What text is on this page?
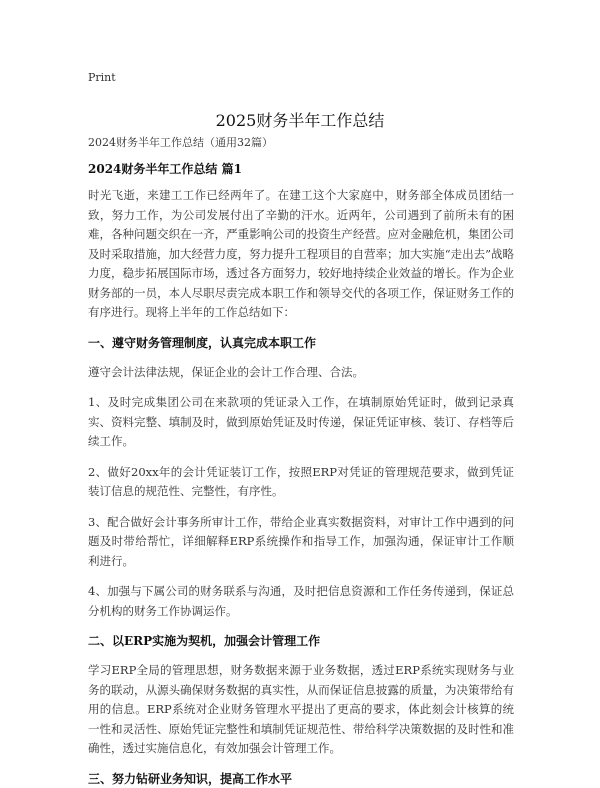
Print
2025财务半年工作总结
2024财务半年工作总结（通用32篇）
2024财务半年工作总结 篇1

时光飞逝，来建工工作已经两年了。在建工这个大家庭中，财务部全体成员团结一致，努力工作，为公司发展付出了辛勤的汗水。近两年，公司遇到了前所未有的困难，各种问题交织在一齐，严重影响公司的投资生产经营。应对金融危机，集团公司及时采取措施，加大经营力度，努力提升工程项目的自营率；加大实施“走出去”战略力度，稳步拓展国际市场，透过各方面努力，较好地持续企业效益的增长。作为企业财务部的一员，本人尽职尽责完成本职工作和领导交代的各项工作，保证财务工作的有序进行。现将上半年的工作总结如下：

一、遵守财务管理制度，认真完成本职工作

遵守会计法律法规，保证企业的会计工作合理、合法。

1、及时完成集团公司在来款项的凭证录入工作，在填制原始凭证时，做到记录真实、资料完整、填制及时，做到原始凭证及时传递，保证凭证审核、装订、存档等后续工作。

2、做好20xx年的会计凭证装订工作，按照ERP对凭证的管理规范要求，做到凭证装订信息的规范性、完整性，有序性。

3、配合做好会计事务所审计工作，带给企业真实数据资料，对审计工作中遇到的问题及时带给帮忙，详细解释ERP系统操作和指导工作，加强沟通，保证审计工作顺利进行。

4、加强与下属公司的财务联系与沟通，及时把信息资源和工作任务传递到，保证总分机构的财务工作协调运作。

二、以ERP实施为契机，加强会计管理工作

学习ERP全局的管理思想，财务数据来源于业务数据，透过ERP系统实现财务与业务的联动，从源头确保财务数据的真实性，从而保证信息披露的质量，为决策带给有用的信息。ERP系统对企业财务管理水平提出了更高的要求，体此刻会计核算的统一性和灵活性、原始凭证完整性和填制凭证规范性、带给科学决策数据的及时性和准确性，透过实施信息化，有效加强会计管理工作。

三、努力钻研业务知识，提高工作水平
